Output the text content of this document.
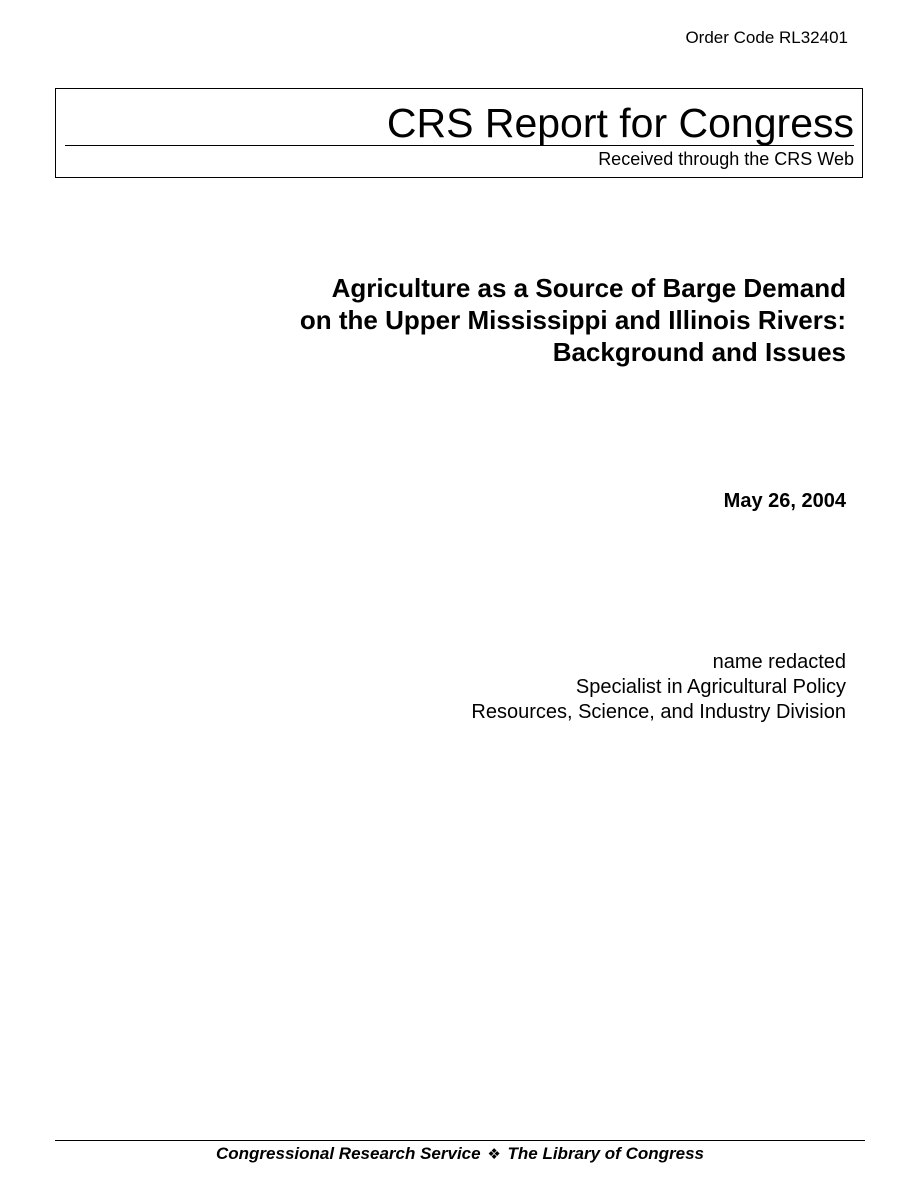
Order Code RL32401
CRS Report for Congress
Received through the CRS Web
Agriculture as a Source of Barge Demand
on the Upper Mississippi and Illinois Rivers:
Background and Issues
May 26, 2004
name redacted
Specialist in Agricultural Policy
Resources, Science, and Industry Division
Congressional Research Service ❖ The Library of Congress
